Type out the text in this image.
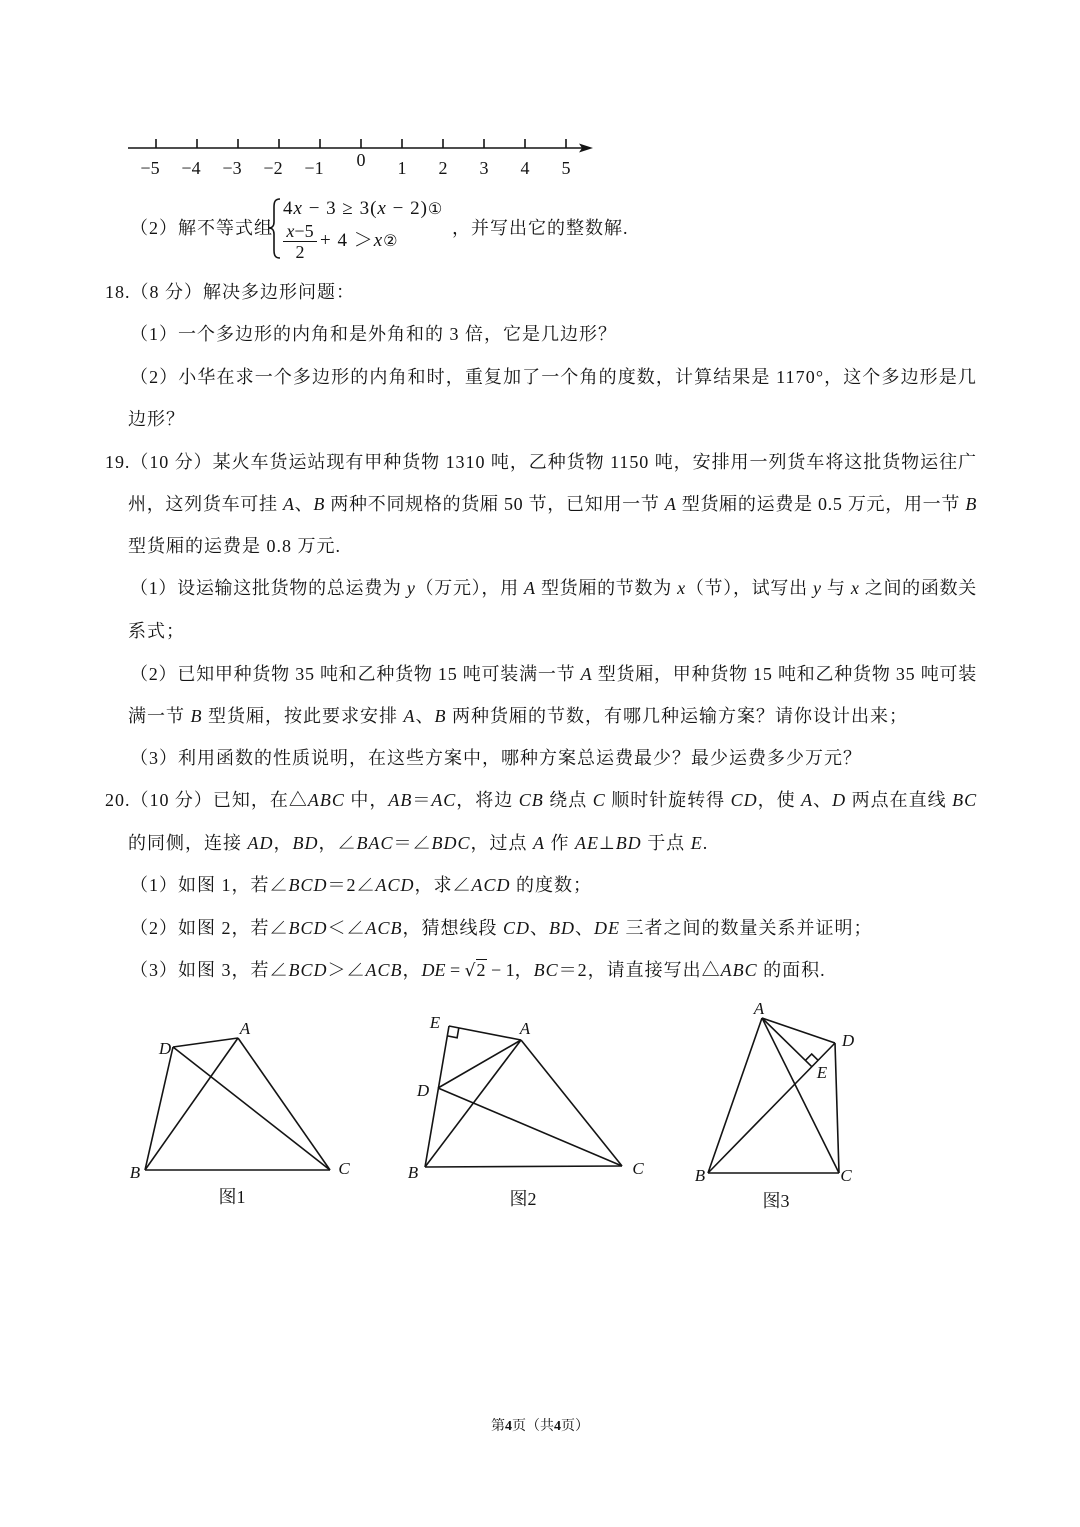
−5 −4 −3 −2 −1 0 1 2 3 4 5
D
A
B	C
图1
E	A
D
B	C
图2
A
D
E
B	C
图3
（2）解不等式组
4x − 3 ≥ 3(x − 2)①
$\frac{x-5}{2} + 4$ ＞x②
，并写出它的整数解.
18.（8 分）解决多边形问题：
（1）一个多边形的内角和是外角和的 3 倍，它是几边形？
（2）小华在求一个多边形的内角和时，重复加了一个角的度数，计算结果是 1170°，这个多边形是几
边形？
19.（10 分）某火车货运站现有甲种货物 1310 吨，乙种货物 1150 吨，安排用一列货车将这批货物运往广
州，这列货车可挂 A、B 两种不同规格的货厢 50 节，已知用一节 A 型货厢的运费是 0.5 万元，用一节 B
型货厢的运费是 0.8 万元.
（1）设运输这批货物的总运费为 y（万元），用 A 型货厢的节数为 x（节），试写出 y 与 x 之间的函数关
系式；
（2）已知甲种货物 35 吨和乙种货物 15 吨可装满一节 A 型货厢，甲种货物 15 吨和乙种货物 35 吨可装
满一节 B 型货厢，按此要求安排 A、B 两种货厢的节数，有哪几种运输方案？请你设计出来；
（3）利用函数的性质说明，在这些方案中，哪种方案总运费最少？最少运费多少万元？
20.（10 分）已知，在△ABC 中，AB＝AC，将边 CB 绕点 C 顺时针旋转得 CD，使 A、D 两点在直线 BC
的同侧，连接 AD，BD，∠BAC＝∠BDC，过点 A 作 AE⊥BD 于点 E.
（1）如图 1，若∠BCD＝2∠ACD，求∠ACD 的度数；
（2）如图 2，若∠BCD＜∠ACB，猜想线段 CD、BD、DE 三者之间的数量关系并证明；
（3）如图 3，若∠BCD＞∠ACB，DE = √2 − 1，BC＝2，请直接写出△ABC 的面积.
第4页（共4页）
